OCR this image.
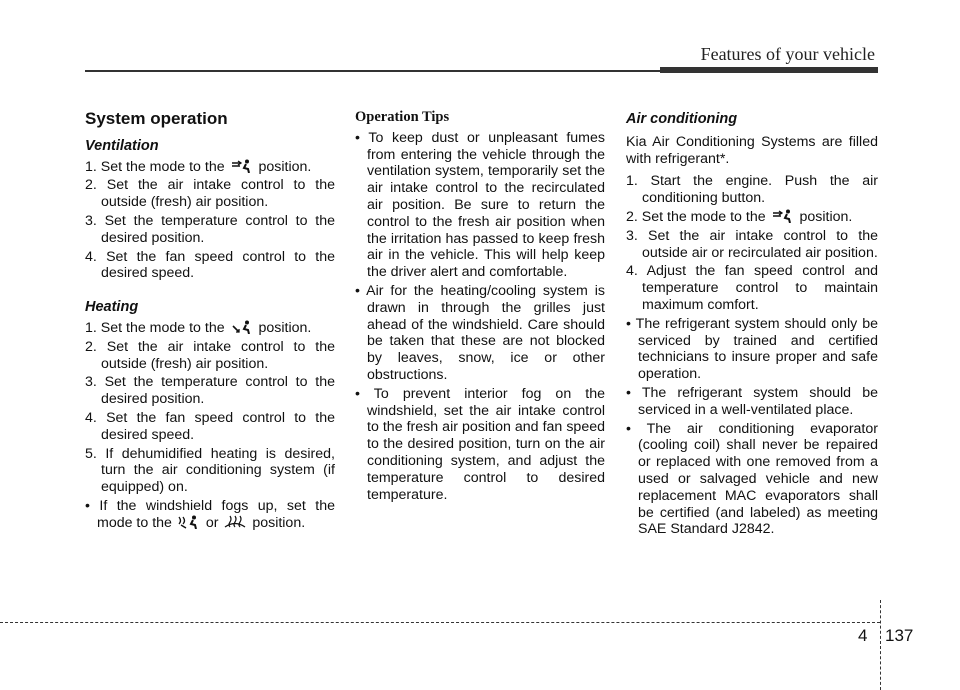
Features of your vehicle
System operation
Ventilation
1. Set the mode to the
position.
2. Set the air intake control to the outside (fresh) air position.
3. Set the temperature control to the desired position.
4. Set the fan speed control to the desired speed.
Heating
1. Set the mode to the
position.
2. Set the air intake control to the outside (fresh) air position.
3. Set the temperature control to the desired position.
4. Set the fan speed control to the desired speed.
5. If dehumidified heating is desired, turn the air conditioning system (if equipped) on.
• If the windshield fogs up, set the mode to the
or
position.
Operation Tips
• To keep dust or unpleasant fumes from entering the vehicle through the ventilation system, temporarily set the air intake control to the recirculated air position. Be sure to return the control to the fresh air position when the irritation has passed to keep fresh air in the vehicle. This will help keep the driver alert and comfortable.
• Air for the heating/cooling system is drawn in through the grilles just ahead of the windshield. Care should be taken that these are not blocked by leaves, snow, ice or other obstructions.
• To prevent interior fog on the windshield, set the air intake control to the fresh air position and fan speed to the desired position, turn on the air conditioning system, and adjust the temperature control to desired temperature.
Air conditioning

Kia Air Conditioning Systems are filled with refrigerant*.

1. Start the engine. Push the air conditioning button.
2. Set the mode to the
position.
3. Set the air intake control to the outside air or recirculated air position.
4. Adjust the fan speed control and temperature control to maintain maximum comfort.
• The refrigerant system should only be serviced by trained and certified technicians to insure proper and safe operation.
• The refrigerant system should be serviced in a well-ventilated place.
• The air conditioning evaporator (cooling coil) shall never be repaired or replaced with one removed from a used or salvaged vehicle and new replacement MAC evaporators shall be certified (and labeled) as meeting SAE Standard J2842.
4 137
